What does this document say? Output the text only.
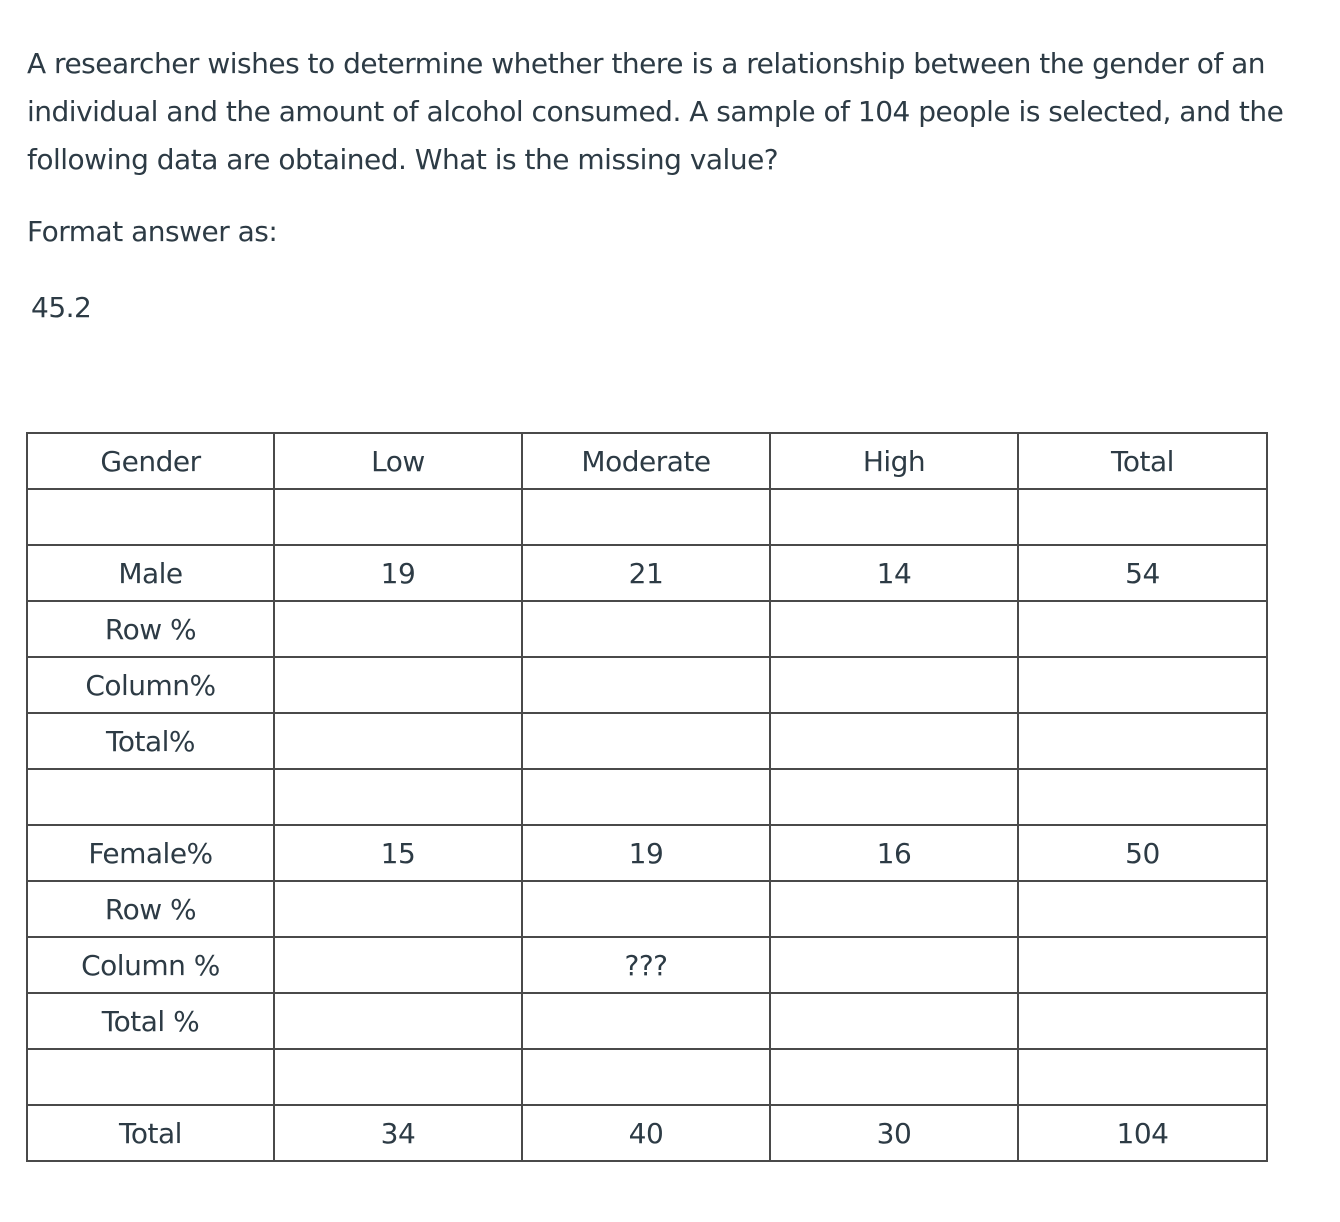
A researcher wishes to determine whether there is a relationship between the gender of an individual and the amount of alcohol consumed. A sample of 104 people is selected, and the following data are obtained. What is the missing value?

Format answer as:

45.2

Gender	Low	Moderate	High	Total

Male	19	21	14	54
Row %				
Column%				
Total%				

Female%	15	19	16	50
Row %				
Column %		???		
Total %				

Total	34	40	30	104
